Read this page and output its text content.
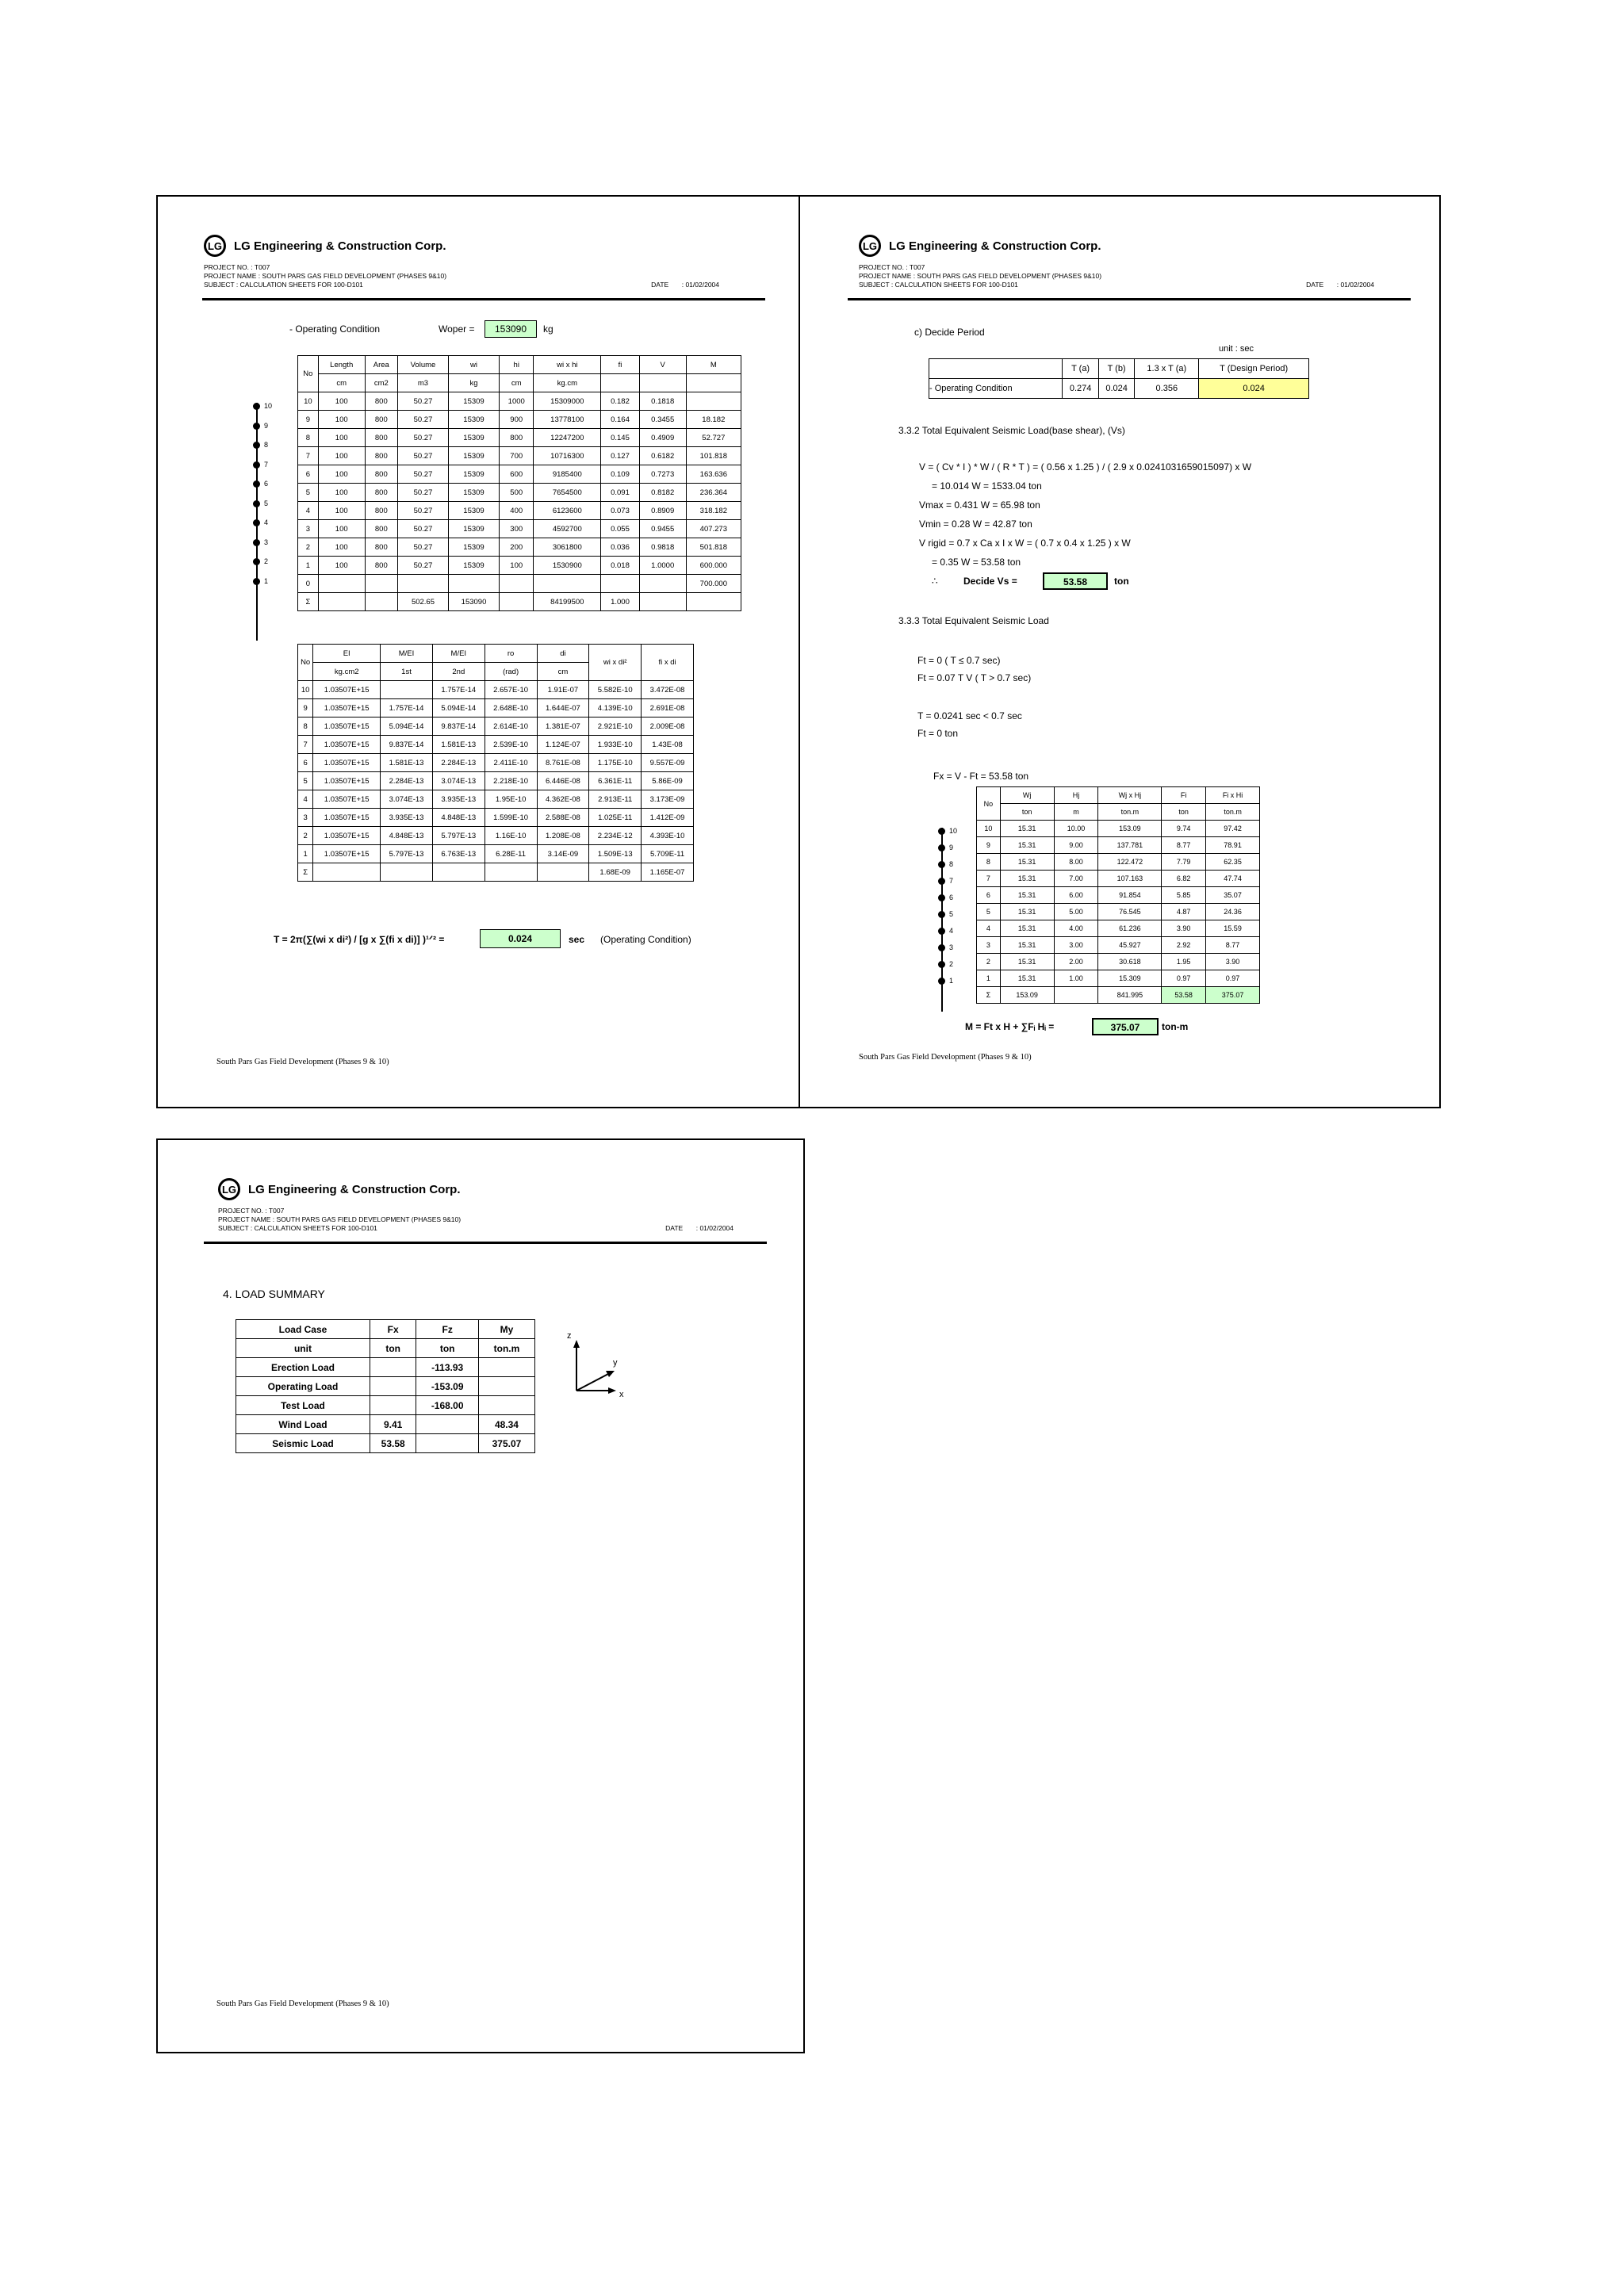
LG LG Engineering & Construction Corp.
PROJECT NO. : T007
PROJECT NAME : SOUTH PARS GAS FIELD DEVELOPMENT (PHASES 9&10)
SUBJECT : CALCULATION SHEETS FOR 100-D101	DATE : 01/02/2004
- Operating Condition	Woper =	153090	kg
10
9
8
7
6
5
4
3
2
1
No	Length	Area	Volume	wi	hi	wi x hi	fi	V	M
	cm	cm2	m3	kg	cm	kg.cm			
10	100	800	50.27	15309	1000	15309000	0.182	0.1818	
9	100	800	50.27	15309	900	13778100	0.164	0.3455	18.182
8	100	800	50.27	15309	800	12247200	0.145	0.4909	52.727
7	100	800	50.27	15309	700	10716300	0.127	0.6182	101.818
6	100	800	50.27	15309	600	9185400	0.109	0.7273	163.636
5	100	800	50.27	15309	500	7654500	0.091	0.8182	236.364
4	100	800	50.27	15309	400	6123600	0.073	0.8909	318.182
3	100	800	50.27	15309	300	4592700	0.055	0.9455	407.273
2	100	800	50.27	15309	200	3061800	0.036	0.9818	501.818
1	100	800	50.27	15309	100	1530900	0.018	1.0000	600.000
0									700.000
Σ			502.65	153090		84199500	1.000		
No	EI	M/EI	M/EI	ro	di	wi x di²	fi x di
	kg.cm2	1st	2nd	(rad)	cm		
10	1.03507E+15		1.757E-14	2.657E-10	1.91E-07	5.582E-10	3.472E-08
9	1.03507E+15	1.757E-14	5.094E-14	2.648E-10	1.644E-07	4.139E-10	2.691E-08
8	1.03507E+15	5.094E-14	9.837E-14	2.614E-10	1.381E-07	2.921E-10	2.009E-08
7	1.03507E+15	9.837E-14	1.581E-13	2.539E-10	1.124E-07	1.933E-10	1.43E-08
6	1.03507E+15	1.581E-13	2.284E-13	2.411E-10	8.761E-08	1.175E-10	9.557E-09
5	1.03507E+15	2.284E-13	3.074E-13	2.218E-10	6.446E-08	6.361E-11	5.86E-09
4	1.03507E+15	3.074E-13	3.935E-13	1.95E-10	4.362E-08	2.913E-11	3.173E-09
3	1.03507E+15	3.935E-13	4.848E-13	1.599E-10	2.588E-08	1.025E-11	1.412E-09
2	1.03507E+15	4.848E-13	5.797E-13	1.16E-10	1.208E-08	2.234E-12	4.393E-10
1	1.03507E+15	5.797E-13	6.763E-13	6.28E-11	3.14E-09	1.509E-13	5.709E-11
Σ						1.68E-09	1.165E-07
T = 2π(∑(wi x di²) / [g x ∑(fi x di)] )¹ᐟ² =	0.024	sec (Operating Condition)
South Pars Gas Field Development (Phases 9 & 10)
LG LG Engineering & Construction Corp.
PROJECT NO. : T007
PROJECT NAME : SOUTH PARS GAS FIELD DEVELOPMENT (PHASES 9&10)
SUBJECT : CALCULATION SHEETS FOR 100-D101	DATE : 01/02/2004
c) Decide Period
unit : sec
	T (a)	T (b)	1.3 x T (a)	T (Design Period)
- Operating Condition	0.274	0.024	0.356	0.024
3.3.2 Total Equivalent Seismic Load(base shear), (Vs)
V = ( Cv * I ) * W / ( R * T ) = ( 0.56 x 1.25 ) / ( 2.9 x 0.0241031659015097) x W
= 10.014 W = 1533.04 ton
Vmax = 0.431 W = 65.98 ton
Vmin = 0.28 W = 42.87 ton
V rigid = 0.7 x Ca x I x W = ( 0.7 x 0.4 x 1.25 ) x W
= 0.35 W = 53.58 ton
∴	Decide Vs =	53.58	ton
3.3.3 Total Equivalent Seismic Load
Ft = 0 ( T ≤ 0.7 sec)
Ft = 0.07 T V ( T > 0.7 sec)
T = 0.0241 sec < 0.7 sec
Ft = 0 ton
Fx = V - Ft = 53.58 ton
10
9
8
7
6
5
4
3
2
1
No	Wj	Hj	Wj x Hj	Fi	Fi x Hi
	ton	m	ton.m	ton	ton.m
10	15.31	10.00	153.09	9.74	97.42
9	15.31	9.00	137.781	8.77	78.91
8	15.31	8.00	122.472	7.79	62.35
7	15.31	7.00	107.163	6.82	47.74
6	15.31	6.00	91.854	5.85	35.07
5	15.31	5.00	76.545	4.87	24.36
4	15.31	4.00	61.236	3.90	15.59
3	15.31	3.00	45.927	2.92	8.77
2	15.31	2.00	30.618	1.95	3.90
1	15.31	1.00	15.309	0.97	0.97
Σ	153.09		841.995	53.58	375.07
M = Ft x H + ∑Fᵢ Hᵢ =	375.07	ton-m
South Pars Gas Field Development (Phases 9 & 10)
LG LG Engineering & Construction Corp.
PROJECT NO. : T007
PROJECT NAME : SOUTH PARS GAS FIELD DEVELOPMENT (PHASES 9&10)
SUBJECT : CALCULATION SHEETS FOR 100-D101	DATE : 01/02/2004
4. LOAD SUMMARY
Load Case	Fx	Fz	My
unit	ton	ton	ton.m
Erection Load		-113.93	
Operating Load		-153.09	
Test Load		-168.00	
Wind Load	9.41		48.34
Seismic Load	53.58		375.07
z
y
x
South Pars Gas Field Development (Phases 9 & 10)
